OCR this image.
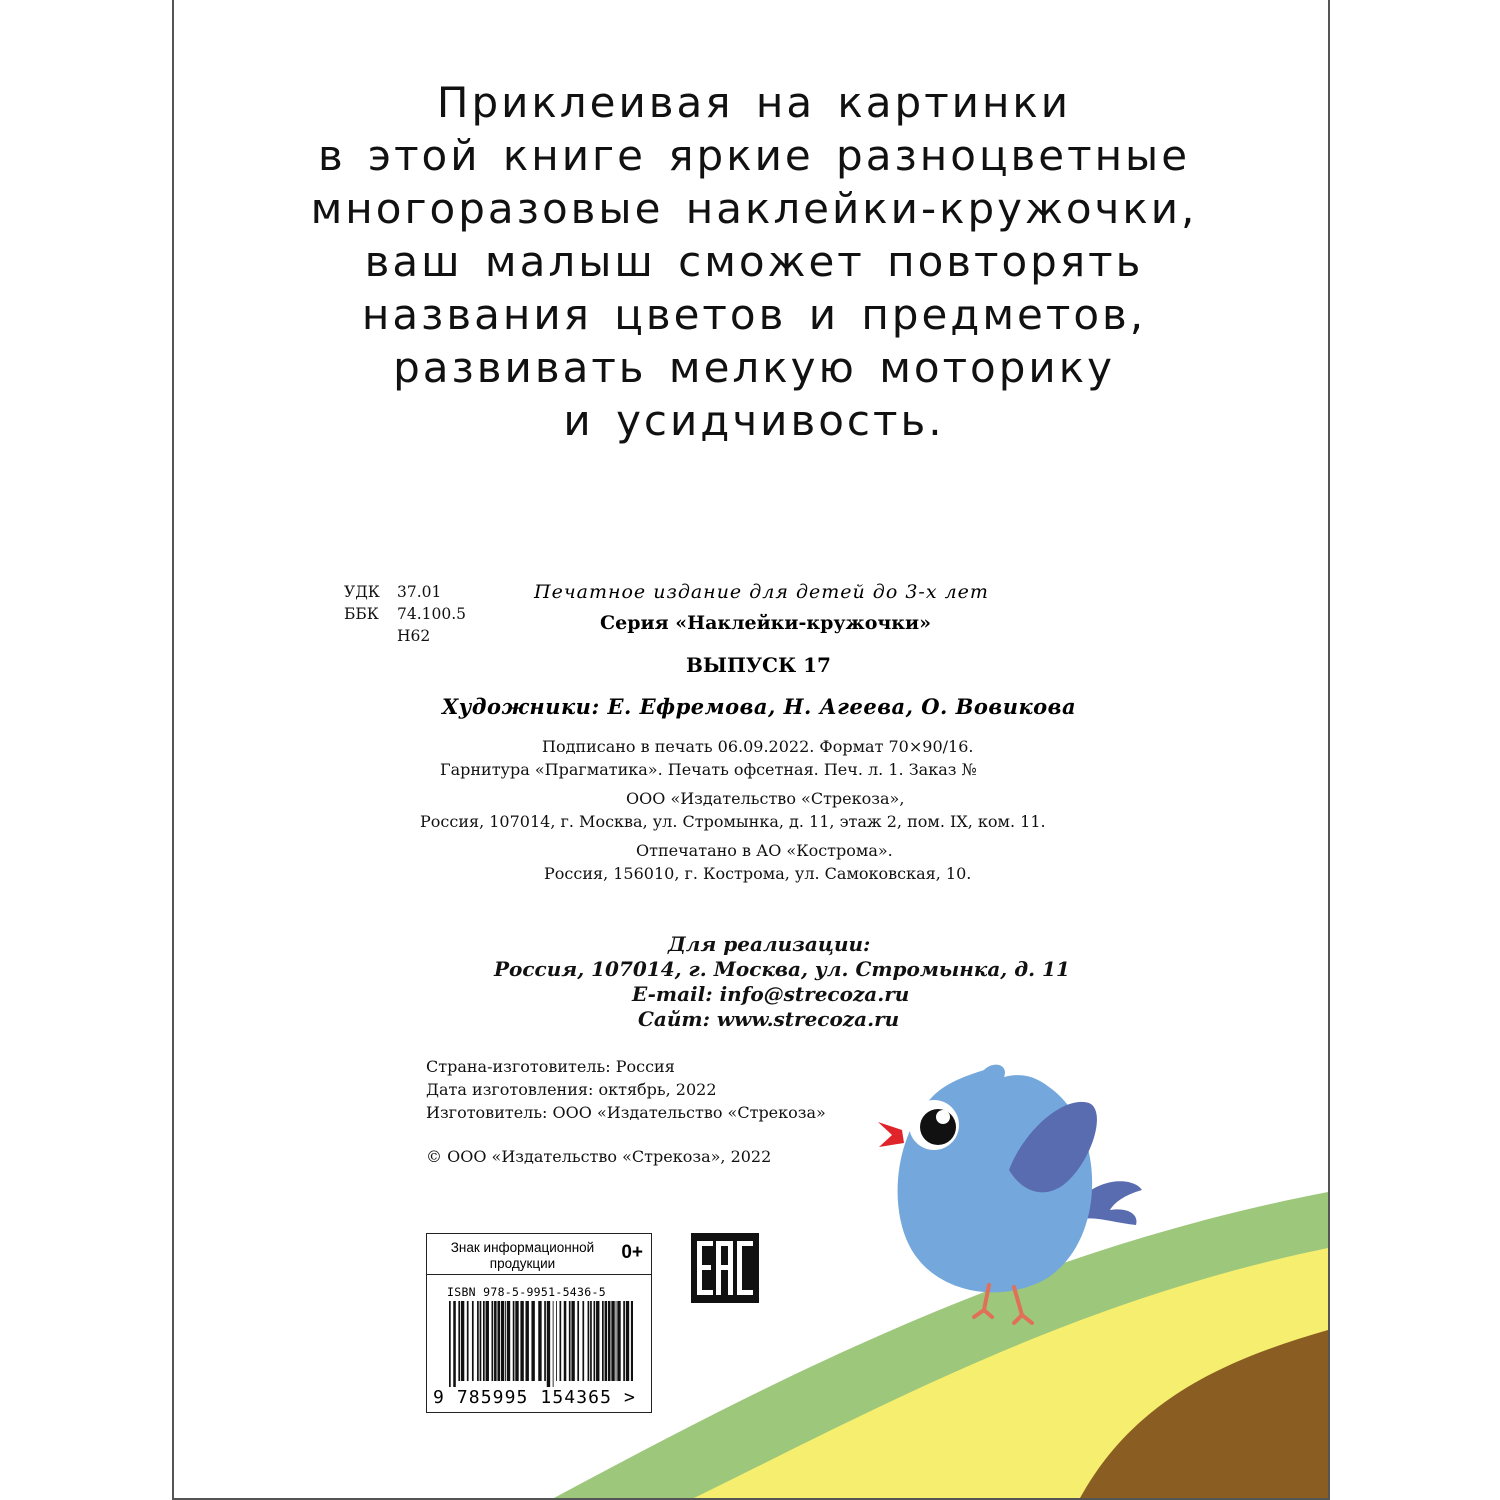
Приклеивая на картинки
в этой книге яркие разноцветные
многоразовые наклейки-кружочки,
ваш малыш сможет повторять
названия цветов и предметов,
развивать мелкую моторику
и усидчивость.
УДК	37.01
ББК	74.100.5
Н62
Печатное издание для детей до 3-х лет
Серия «Наклейки-кружочки»
ВЫПУСК 17
Художники: Е. Ефремова, Н. Агеева, О. Вовикова
Подписано в печать 06.09.2022. Формат 70×90/16.
Гарнитура «Прагматика». Печать офсетная. Печ. л. 1. Заказ №
ООО «Издательство «Стрекоза»,
Россия, 107014, г. Москва, ул. Стромынка, д. 11, этаж 2, пом. IX, ком. 11.
Отпечатано в АО «Кострома».
Россия, 156010, г. Кострома, ул. Самоковская, 10.
Для реализации:
Россия, 107014, г. Москва, ул. Стромынка, д. 11
E-mail: info@strecoza.ru
Сайт: www.strecoza.ru
Страна-изготовитель: Россия
Дата изготовления: октябрь, 2022
Изготовитель: ООО «Издательство «Стрекоза»
© ООО «Издательство «Стрекоза», 2022
Знак информационной продукции
0+
ISBN 978-5-9951-5436-5
9 785995 154365 >
